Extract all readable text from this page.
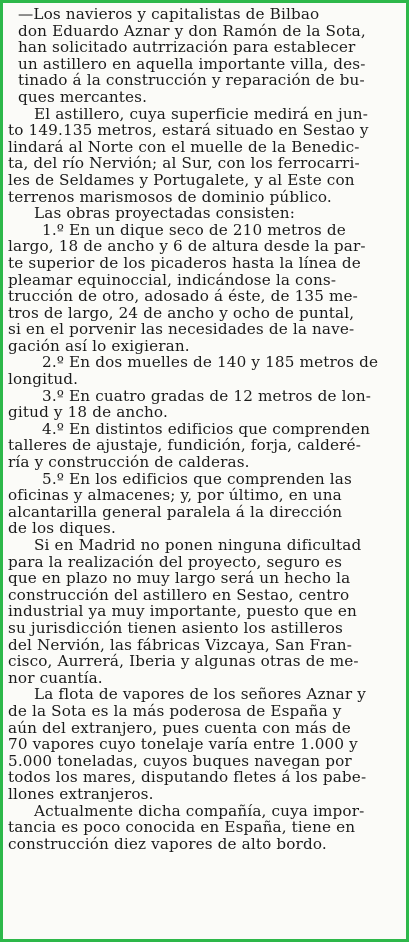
—Los navieros y capitalistas de Bilbao
don Eduardo Aznar y don Ramón de la Sota,
han solicitado autrrización para establecer
un astillero en aquella importante villa, des-
tinado á la construcción y reparación de bu-
ques mercantes.
El astillero, cuya superficie medirá en jun-
to 149.135 metros, estará situado en Sestao y
lindará al Norte con el muelle de la Benedic-
ta, del río Nervión; al Sur, con los ferrocarri-
les de Seldames y Portugalete, y al Este con
terrenos marismosos de dominio público.
Las obras proyectadas consisten:
1.º En un dique seco de 210 metros de
largo, 18 de ancho y 6 de altura desde la par-
te superior de los picaderos hasta la línea de
pleamar equinoccial, indicándose la cons-
trucción de otro, adosado á éste, de 135 me-
tros de largo, 24 de ancho y ocho de puntal,
si en el porvenir las necesidades de la nave-
gación así lo exigieran.
2.º En dos muelles de 140 y 185 metros de
longitud.
3.º En cuatro gradas de 12 metros de lon-
gitud y 18 de ancho.
4.º En distintos edificios que comprenden
talleres de ajustaje, fundición, forja, calderé-
ría y construcción de calderas.
5.º En los edificios que comprenden las
oficinas y almacenes; y, por último, en una
alcantarilla general paralela á la dirección
de los diques.
Si en Madrid no ponen ninguna dificultad
para la realización del proyecto, seguro es
que en plazo no muy largo será un hecho la
construcción del astillero en Sestao, centro
industrial ya muy importante, puesto que en
su jurisdicción tienen asiento los astilleros
del Nervión, las fábricas Vizcaya, San Fran-
cisco, Aurrerá, Iberia y algunas otras de me-
nor cuantía.
La flota de vapores de los señores Aznar y
de la Sota es la más poderosa de España y
aún del extranjero, pues cuenta con más de
70 vapores cuyo tonelaje varía entre 1.000 y
5.000 toneladas, cuyos buques navegan por
todos los mares, disputando fletes á los pabe-
llones extranjeros.
Actualmente dicha compañía, cuya impor-
tancia es poco conocida en España, tiene en
construcción diez vapores de alto bordo.
